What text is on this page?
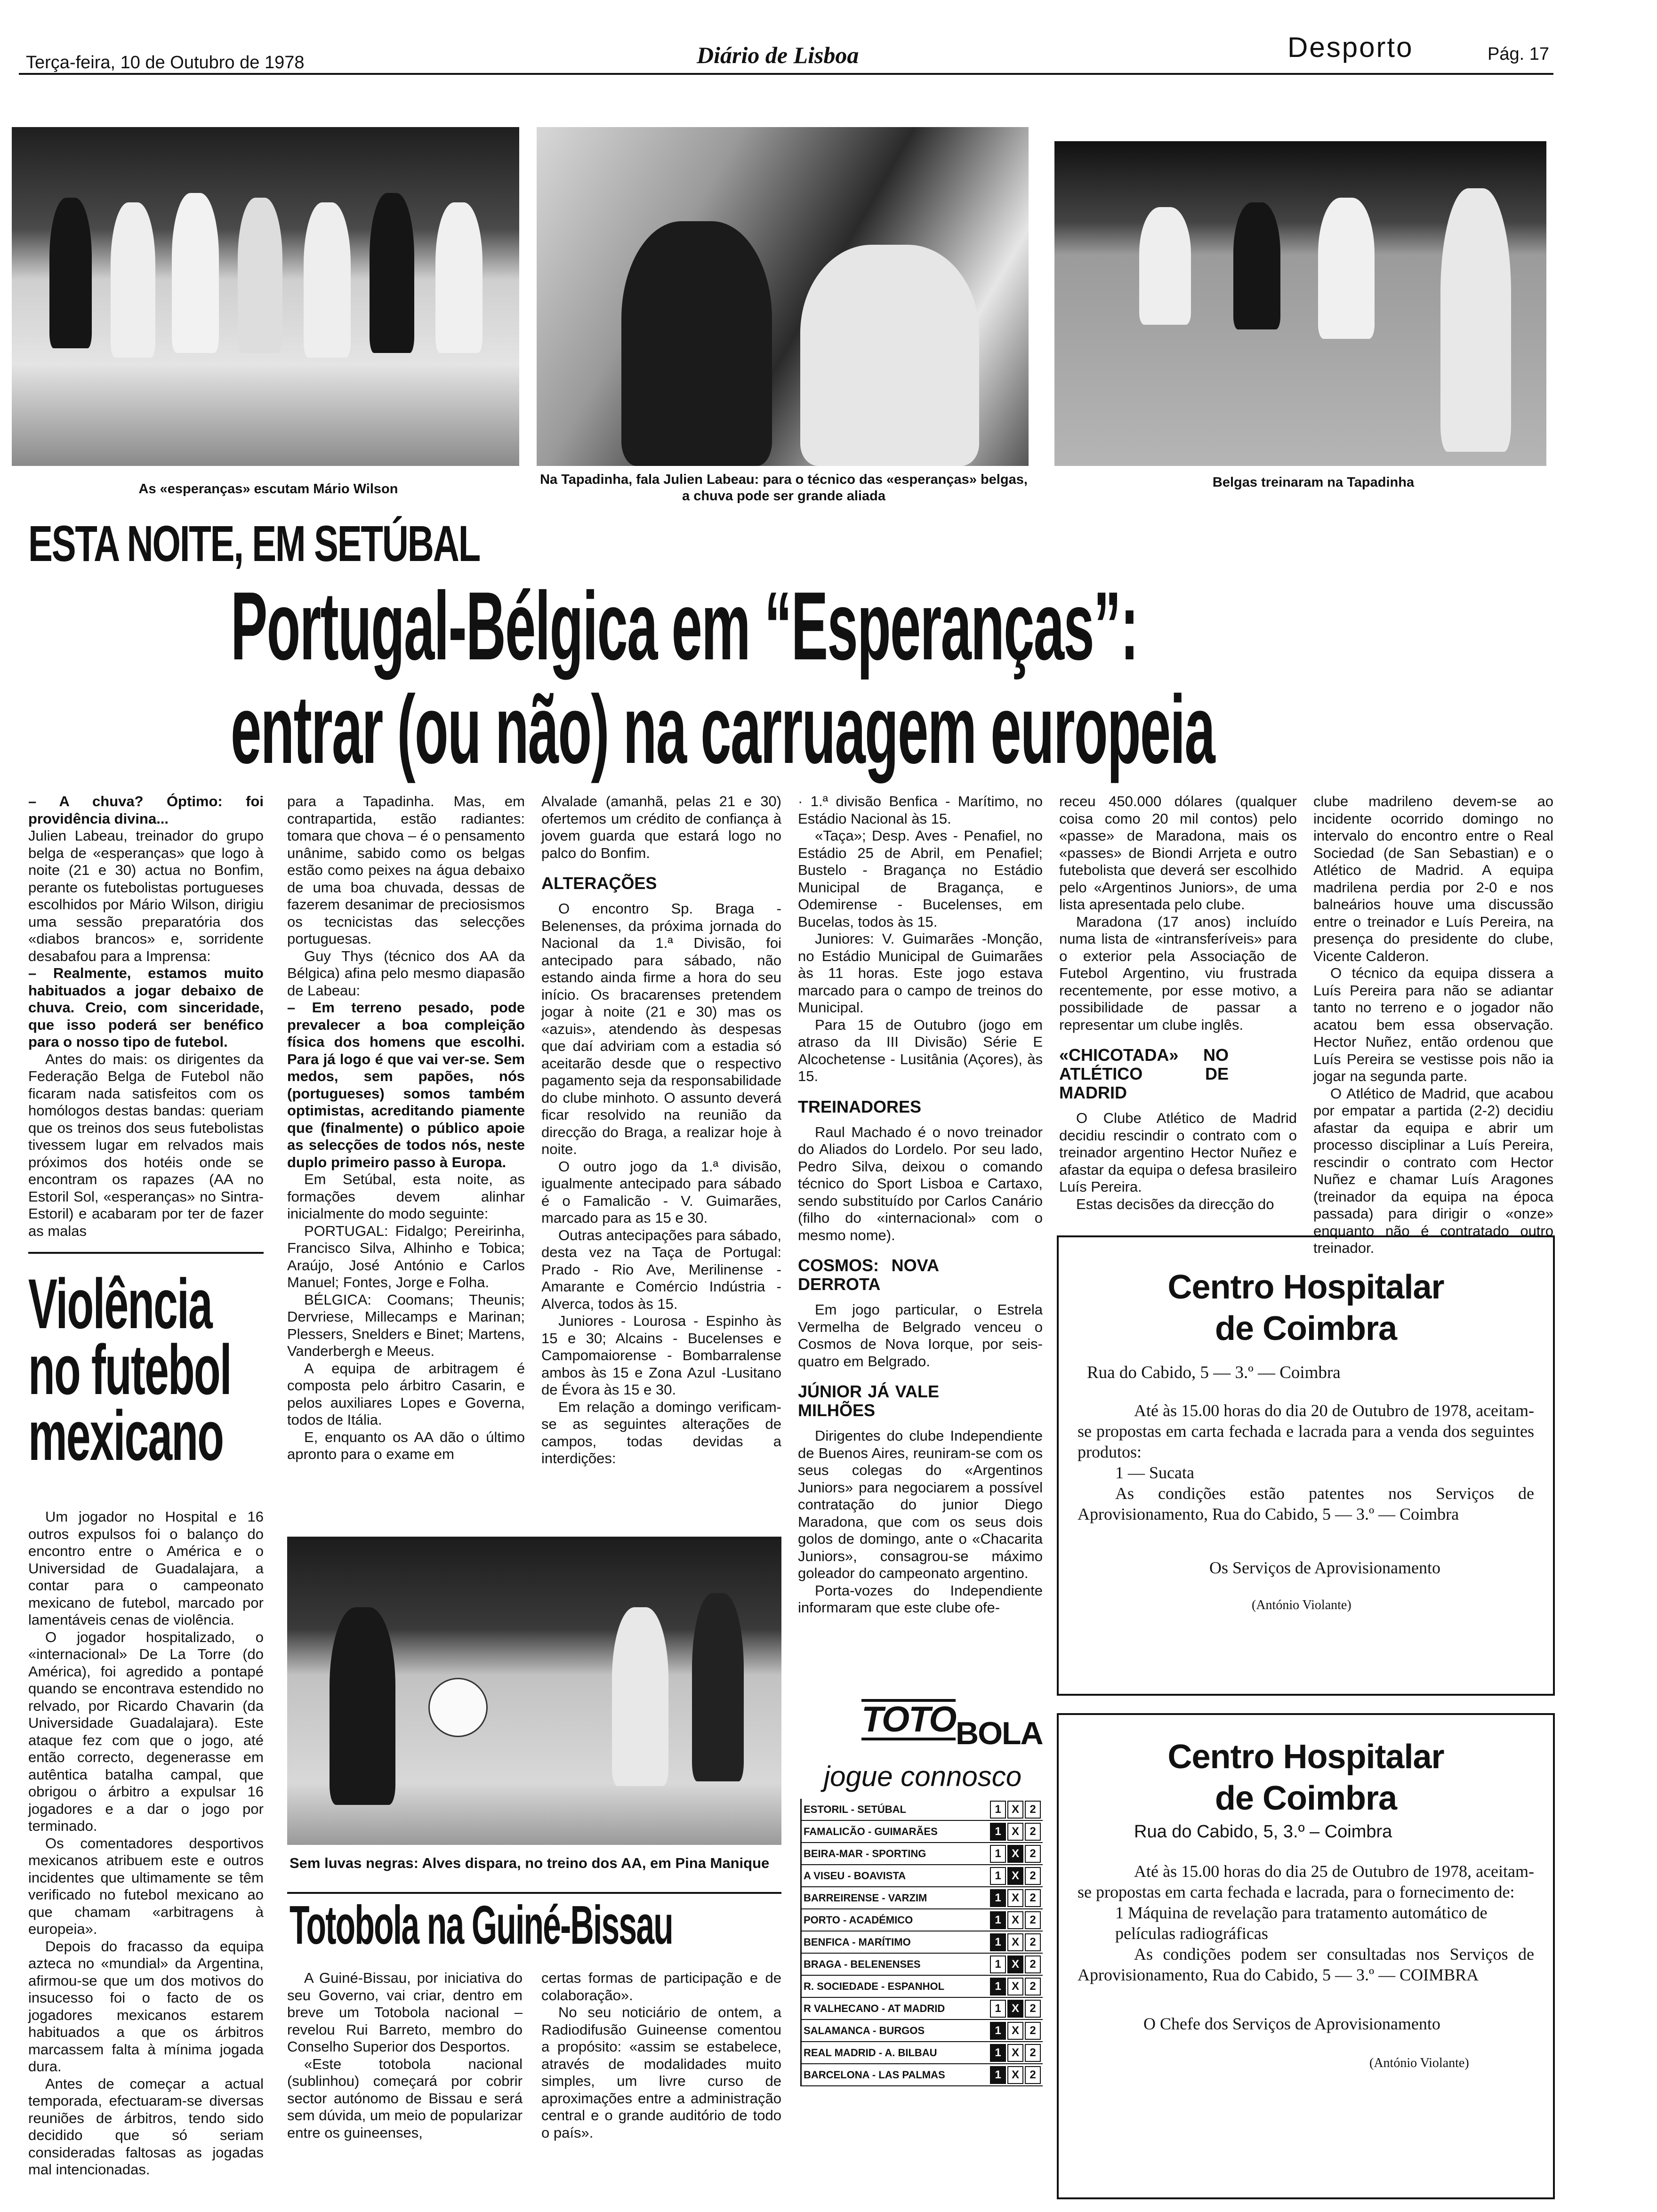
Terça-feira, 10 de Outubro de 1978	Diário de Lisboa	Desporto	Pág. 17
As «esperanças» escutam Mário Wilson
Na Tapadinha, fala Julien Labeau: para o técnico das «esperanças» belgas, a chuva pode ser grande aliada
Belgas treinaram na Tapadinha
ESTA NOITE, EM SETÚBAL
Portugal-Bélgica em “Esperanças”:
entrar (ou não) na carruagem europeia

– A chuva? Óptimo: foi providência divina...

Julien Labeau, treinador do grupo belga de «esperanças» que logo à noite (21 e 30) actua no Bonfim, perante os futebolistas portugueses escolhidos por Mário Wilson, dirigiu uma sessão preparatória dos «diabos brancos» e, sorridente desabafou para a Imprensa:

– Realmente, estamos muito habituados a jogar debaixo de chuva. Creio, com sinceridade, que isso poderá ser benéfico para o nosso tipo de futebol.

Antes do mais: os dirigentes da Federação Belga de Futebol não ficaram nada satisfeitos com os homólogos destas bandas: queriam que os treinos dos seus futebolistas tivessem lugar em relvados mais próximos dos hotéis onde se encontram os rapazes (AA no Estoril Sol, «esperanças» no Sintra-Estoril) e acabaram por ter de fazer as malas

para a Tapadinha. Mas, em contrapartida, estão radiantes: tomara que chova – é o pensamento unânime, sabido como os belgas estão como peixes na água debaixo de uma boa chuvada, dessas de fazerem desanimar de preciosismos os tecnicistas das selecções portuguesas.

Guy Thys (técnico dos AA da Bélgica) afina pelo mesmo diapasão de Labeau:

– Em terreno pesado, pode prevalecer a boa compleição física dos homens que escolhi. Para já logo é que vai ver-se. Sem medos, sem papões, nós (portugueses) somos também optimistas, acreditando piamente que (finalmente) o público apoie as selecções de todos nós, neste duplo primeiro passo à Europa.

Em Setúbal, esta noite, as formações devem alinhar inicialmente do modo seguinte:

PORTUGAL: Fidalgo; Pereirinha, Francisco Silva, Alhinho e Tobica; Araújo, José António e Carlos Manuel; Fontes, Jorge e Folha.

BÉLGICA: Coomans; Theunis; Dervriese, Millecamps e Marinan; Plessers, Snelders e Binet; Martens, Vanderbergh e Meeus.

A equipa de arbitragem é composta pelo árbitro Casarin, e pelos auxiliares Lopes e Governa, todos de Itália.

E, enquanto os AA dão o último apronto para o exame em

Alvalade (amanhã, pelas 21 e 30) ofertemos um crédito de confiança à jovem guarda que estará logo no palco do Bonfim.

ALTERAÇÕES

O encontro Sp. Braga - Belenenses, da próxima jornada do Nacional da 1.ª Divisão, foi antecipado para sábado, não estando ainda firme a hora do seu início. Os bracarenses pretendem jogar à noite (21 e 30) mas os «azuis», atendendo às despesas que daí adviriam com a estadia só aceitarão desde que o respectivo pagamento seja da responsabilidade do clube minhoto. O assunto deverá ficar resolvido na reunião da direcção do Braga, a realizar hoje à noite.

O outro jogo da 1.ª divisão, igualmente antecipado para sábado é o Famalicão - V. Guimarães, marcado para as 15 e 30.

Outras antecipações para sábado, desta vez na Taça de Portugal: Prado - Rio Ave, Merilinense - Amarante e Comércio Indústria - Alverca, todos às 15.

Juniores - Lourosa - Espinho às 15 e 30; Alcains - Bucelenses e Campomaiorense - Bombarralense ambos às 15 e Zona Azul -Lusitano de Évora às 15 e 30.

Em relação a domingo verificam-se as seguintes alterações de campos, todas devidas a interdições:

· 1.ª divisão Benfica - Marítimo, no Estádio Nacional às 15.

«Taça»; Desp. Aves - Penafiel, no Estádio 25 de Abril, em Penafiel; Bustelo - Bragança no Estádio Municipal de Bragança, e Odemirense - Bucelenses, em Bucelas, todos às 15.

Juniores: V. Guimarães -Monção, no Estádio Municipal de Guimarães às 11 horas. Este jogo estava marcado para o campo de treinos do Municipal.

Para 15 de Outubro (jogo em atraso da III Divisão) Série E Alcochetense - Lusitânia (Açores), às 15.

TREINADORES

Raul Machado é o novo treinador do Aliados do Lordelo. Por seu lado, Pedro Silva, deixou o comando técnico do Sport Lisboa e Cartaxo, sendo substituído por Carlos Canário (filho do «internacional» com o mesmo nome).

COSMOS: NOVA DERROTA

Em jogo particular, o Estrela Vermelha de Belgrado venceu o Cosmos de Nova Iorque, por seis-quatro em Belgrado.

JÚNIOR JÁ VALE MILHÕES

Dirigentes do clube Independiente de Buenos Aires, reuniram-se com os seus colegas do «Argentinos Juniors» para negociarem a possível contratação do junior Diego Maradona, que com os seus dois golos de domingo, ante o «Chacarita Juniors», consagrou-se máximo goleador do campeonato argentino.

Porta-vozes do Independiente informaram que este clube ofe-

receu 450.000 dólares (qualquer coisa como 20 mil contos) pelo «passe» de Maradona, mais os «passes» de Biondi Arrjeta e outro futebolista que deverá ser escolhido pelo «Argentinos Juniors», de uma lista apresentada pelo clube.

Maradona (17 anos) incluído numa lista de «intransferíveis» para o exterior pela Associação de Futebol Argentino, viu frustrada recentemente, por esse motivo, a possibilidade de passar a representar um clube inglês.

«CHICOTADA» NO ATLÉTICO DE MADRID

O Clube Atlético de Madrid decidiu rescindir o contrato com o treinador argentino Hector Nuñez e afastar da equipa o defesa brasileiro Luís Pereira.

Estas decisões da direcção do

clube madrileno devem-se ao incidente ocorrido domingo no intervalo do encontro entre o Real Sociedad (de San Sebastian) e o Atlético de Madrid. A equipa madrilena perdia por 2-0 e nos balneários houve uma discussão entre o treinador e Luís Pereira, na presença do presidente do clube, Vicente Calderon.

O técnico da equipa dissera a Luís Pereira para não se adiantar tanto no terreno e o jogador não acatou bem essa observação. Hector Nuñez, então ordenou que Luís Pereira se vestisse pois não ia jogar na segunda parte.

O Atlético de Madrid, que acabou por empatar a partida (2-2) decidiu afastar da equipa e abrir um processo disciplinar a Luís Pereira, rescindir o contrato com Hector Nuñez e chamar Luís Aragones (treinador da equipa na época passada) para dirigir o «onze» enquanto não é contratado outro treinador.

Violência
no futebol
mexicano

Um jogador no Hospital e 16 outros expulsos foi o balanço do encontro entre o América e o Universidad de Guadalajara, a contar para o campeonato mexicano de futebol, marcado por lamentáveis cenas de violência.

O jogador hospitalizado, o «internacional» De La Torre (do América), foi agredido a pontapé quando se encontrava estendido no relvado, por Ricardo Chavarin (da Universidade Guadalajara). Este ataque fez com que o jogo, até então correcto, degenerasse em autêntica batalha campal, que obrigou o árbitro a expulsar 16 jogadores e a dar o jogo por terminado.

Os comentadores desportivos mexicanos atribuem este e outros incidentes que ultimamente se têm verificado no futebol mexicano ao que chamam «arbitragens à europeia».

Depois do fracasso da equipa azteca no «mundial» da Argentina, afirmou-se que um dos motivos do insucesso foi o facto de os jogadores mexicanos estarem habituados a que os árbitros marcassem falta à mínima jogada dura.

Antes de começar a actual temporada, efectuaram-se diversas reuniões de árbitros, tendo sido decidido que só seriam consideradas faltosas as jogadas mal intencionadas.

Sem luvas negras: Alves dispara, no treino dos AA, em Pina Manique
Totobola na Guiné-Bissau

A Guiné-Bissau, por iniciativa do seu Governo, vai criar, dentro em breve um Totobola nacional – revelou Rui Barreto, membro do Conselho Superior dos Desportos.

«Este totobola nacional (sublinhou) começará por cobrir sector autónomo de Bissau e será sem dúvida, um meio de popularizar entre os guineenses,

certas formas de participação e de colaboração».

No seu noticiário de ontem, a Radiodifusão Guineense comentou a propósito: «assim se estabelece, através de modalidades muito simples, um livre curso de aproximações entre a administração central e o grande auditório de todo o país».

TOTO BOLA
jogue connosco
ESTORIL - SETÚBAL	1 X 2
FAMALICÃO - GUIMARÃES	1 X 2
BEIRA-MAR - SPORTING	1 X 2
A VISEU - BOAVISTA	1 X 2
BARREIRENSE - VARZIM	1 X 2
PORTO - ACADÉMICO	1 X 2
BENFICA - MARÍTIMO	1 X 2
BRAGA - BELENENSES	1 X 2
R. SOCIEDADE - ESPANHOL	1 X 2
R VALHECANO - AT MADRID	1 X 2
SALAMANCA - BURGOS	1 X 2
REAL MADRID - A. BILBAU	1 X 2
BARCELONA - LAS PALMAS	1 X 2
Centro Hospitalar
de Coimbra
Rua do Cabido, 5 — 3.º — Coimbra
Até às 15.00 horas do dia 20 de Outubro de 1978, aceitam-se propostas em carta fechada e lacrada para a venda dos seguintes produtos:
1 — Sucata
As condições estão patentes nos Serviços de Aprovisionamento, Rua do Cabido, 5 — 3.º — Coimbra
Os Serviços de Aprovisionamento
(António Violante)
Centro Hospitalar
de Coimbra
Rua do Cabido, 5, 3.º – Coimbra
Até às 15.00 horas do dia 25 de Outubro de 1978, aceitam-se propostas em carta fechada e lacrada, para o fornecimento de:
1 Máquina de revelação para tratamento automático de películas radiográficas
As condições podem ser consultadas nos Serviços de Aprovisionamento, Rua do Cabido, 5 — 3.º — COIMBRA
O Chefe dos Serviços de Aprovisionamento
(António Violante)
